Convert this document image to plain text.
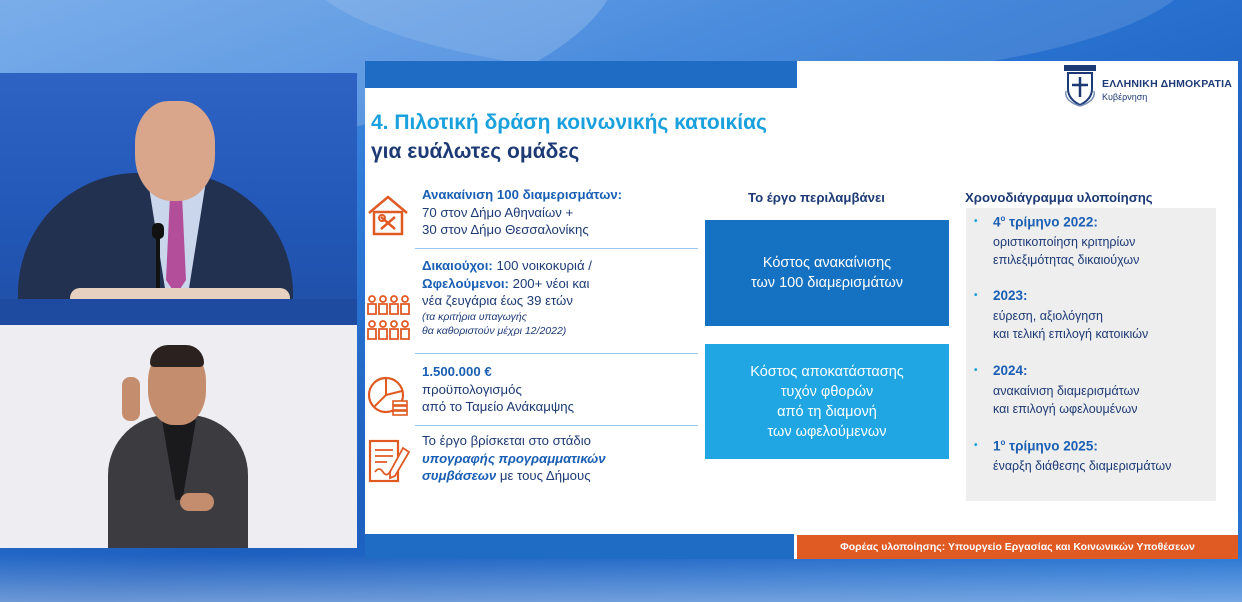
ΕΛΛΗΝΙΚΗ ΔΗΜΟΚΡΑΤΙΑ
Κυβέρνηση
4. Πιλοτική δράση κοινωνικής κατοικίας
για ευάλωτες ομάδες
Ανακαίνιση 100 διαμερισμάτων:
70 στον Δήμο Αθηναίων +
30 στον Δήμο Θεσσαλονίκης
Δικαιούχοι: 100 νοικοκυριά /
Ωφελούμενοι: 200+ νέοι και
νέα ζευγάρια έως 39 ετών
(τα κριτήρια υπαγωγής
θα καθοριστούν μέχρι 12/2022)
1.500.000 €
προϋπολογισμός
από το Ταμείο Ανάκαμψης
Το έργο βρίσκεται στο στάδιο
υπογραφής προγραμματικών
συμβάσεων με τους Δήμους
Το έργο περιλαμβάνει
Κόστος ανακαίνισης
των 100 διαμερισμάτων
Κόστος αποκατάστασης
τυχόν φθορών
από τη διαμονή
των ωφελούμενων
Χρονοδιάγραμμα υλοποίησης
• $4^o$ τρίμηνο 2022:
οριστικοποίηση κριτηρίων
επιλεξιμότητας δικαιούχων
• 2023:
εύρεση, αξιολόγηση
και τελική επιλογή κατοικιών
• 2024:
ανακαίνιση διαμερισμάτων
και επιλογή ωφελουμένων
• $1^o$ τρίμηνο 2025:
έναρξη διάθεσης διαμερισμάτων
Φορέας υλοποίησης: Υπουργείο Εργασίας και Κοινωνικών Υποθέσεων
